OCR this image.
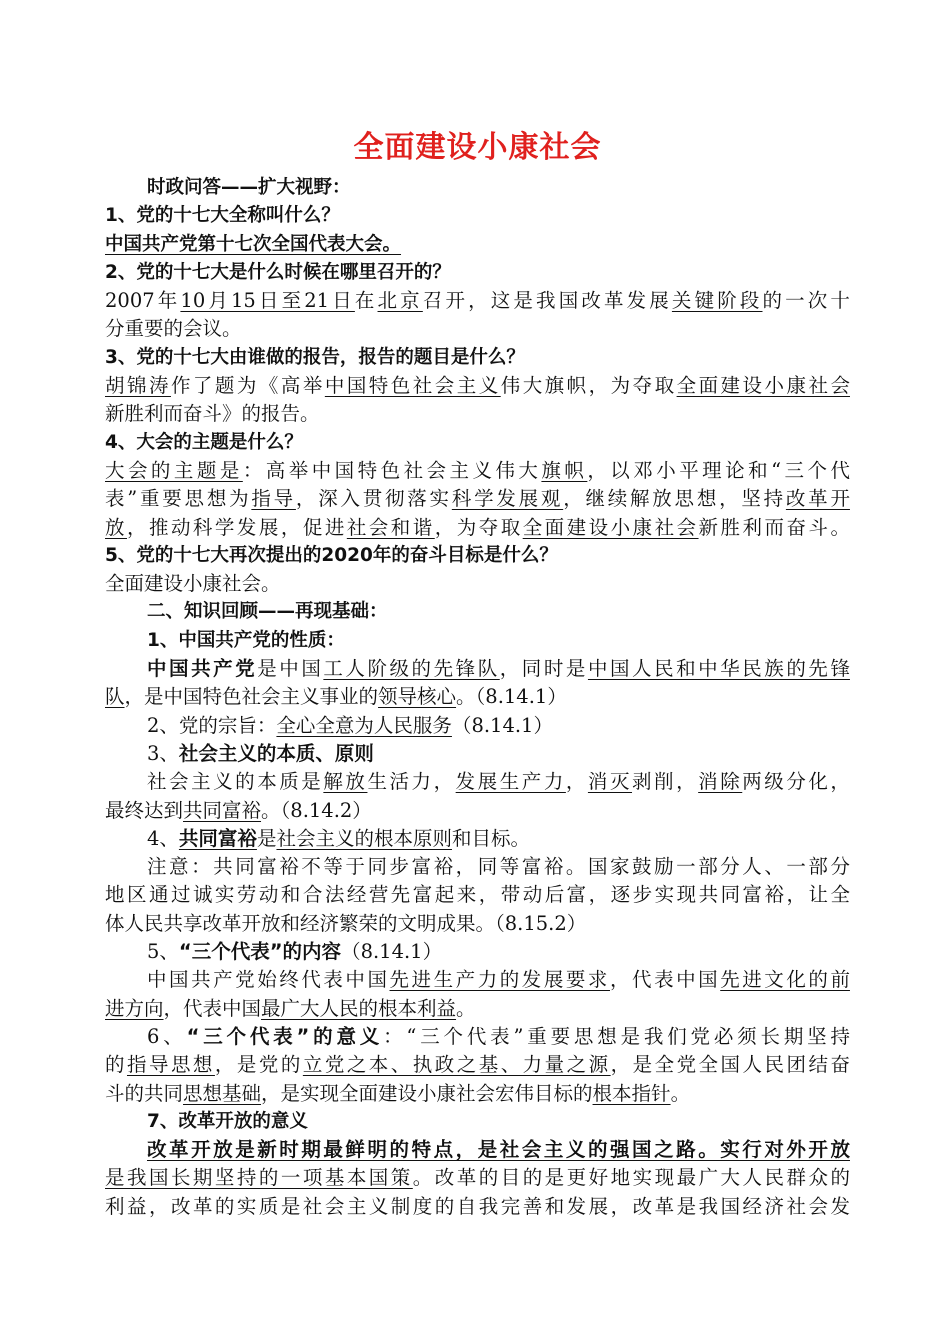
全面建设小康社会
时政问答——扩大视野：
1、党的十七大全称叫什么？
中国共产党第十七次全国代表大会。
2、党的十七大是什么时候在哪里召开的？
2007年10月15日至21日在北京召开，这是我国改革发展关键阶段的一次十
分重要的会议。
3、党的十七大由谁做的报告，报告的题目是什么？
胡锦涛作了题为《高举中国特色社会主义伟大旗帜，为夺取全面建设小康社会
新胜利而奋斗》的报告。
4、大会的主题是什么？
大会的主题是：高举中国特色社会主义伟大旗帜，以邓小平理论和“三个代
表”重要思想为指导，深入贯彻落实科学发展观，继续解放思想，坚持改革开
放，推动科学发展，促进社会和谐，为夺取全面建设小康社会新胜利而奋斗。
5、党的十七大再次提出的2020年的奋斗目标是什么？
全面建设小康社会。
二、知识回顾——再现基础：
1、中国共产党的性质：
中国共产党是中国工人阶级的先锋队，同时是中国人民和中华民族的先锋
队，是中国特色社会主义事业的领导核心。（8.14.1）
2、党的宗旨：全心全意为人民服务（8.14.1）
3、社会主义的本质、原则
社会主义的本质是解放生活力，发展生产力，消灭剥削，消除两级分化，
最终达到共同富裕。（8.14.2）
4、共同富裕是社会主义的根本原则和目标。
注意：共同富裕不等于同步富裕，同等富裕。国家鼓励一部分人、一部分
地区通过诚实劳动和合法经营先富起来，带动后富，逐步实现共同富裕，让全
体人民共享改革开放和经济繁荣的文明成果。（8.15.2）
5、“三个代表”的内容（8.14.1）
中国共产党始终代表中国先进生产力的发展要求，代表中国先进文化的前
进方向，代表中国最广大人民的根本利益。
6、“三个代表”的意义：“三个代表”重要思想是我们党必须长期坚持
的指导思想，是党的立党之本、执政之基、力量之源，是全党全国人民团结奋
斗的共同思想基础，是实现全面建设小康社会宏伟目标的根本指针。
7、改革开放的意义
改革开放是新时期最鲜明的特点，是社会主义的强国之路。实行对外开放
是我国长期坚持的一项基本国策。改革的目的是更好地实现最广大人民群众的
利益，改革的实质是社会主义制度的自我完善和发展，改革是我国经济社会发
